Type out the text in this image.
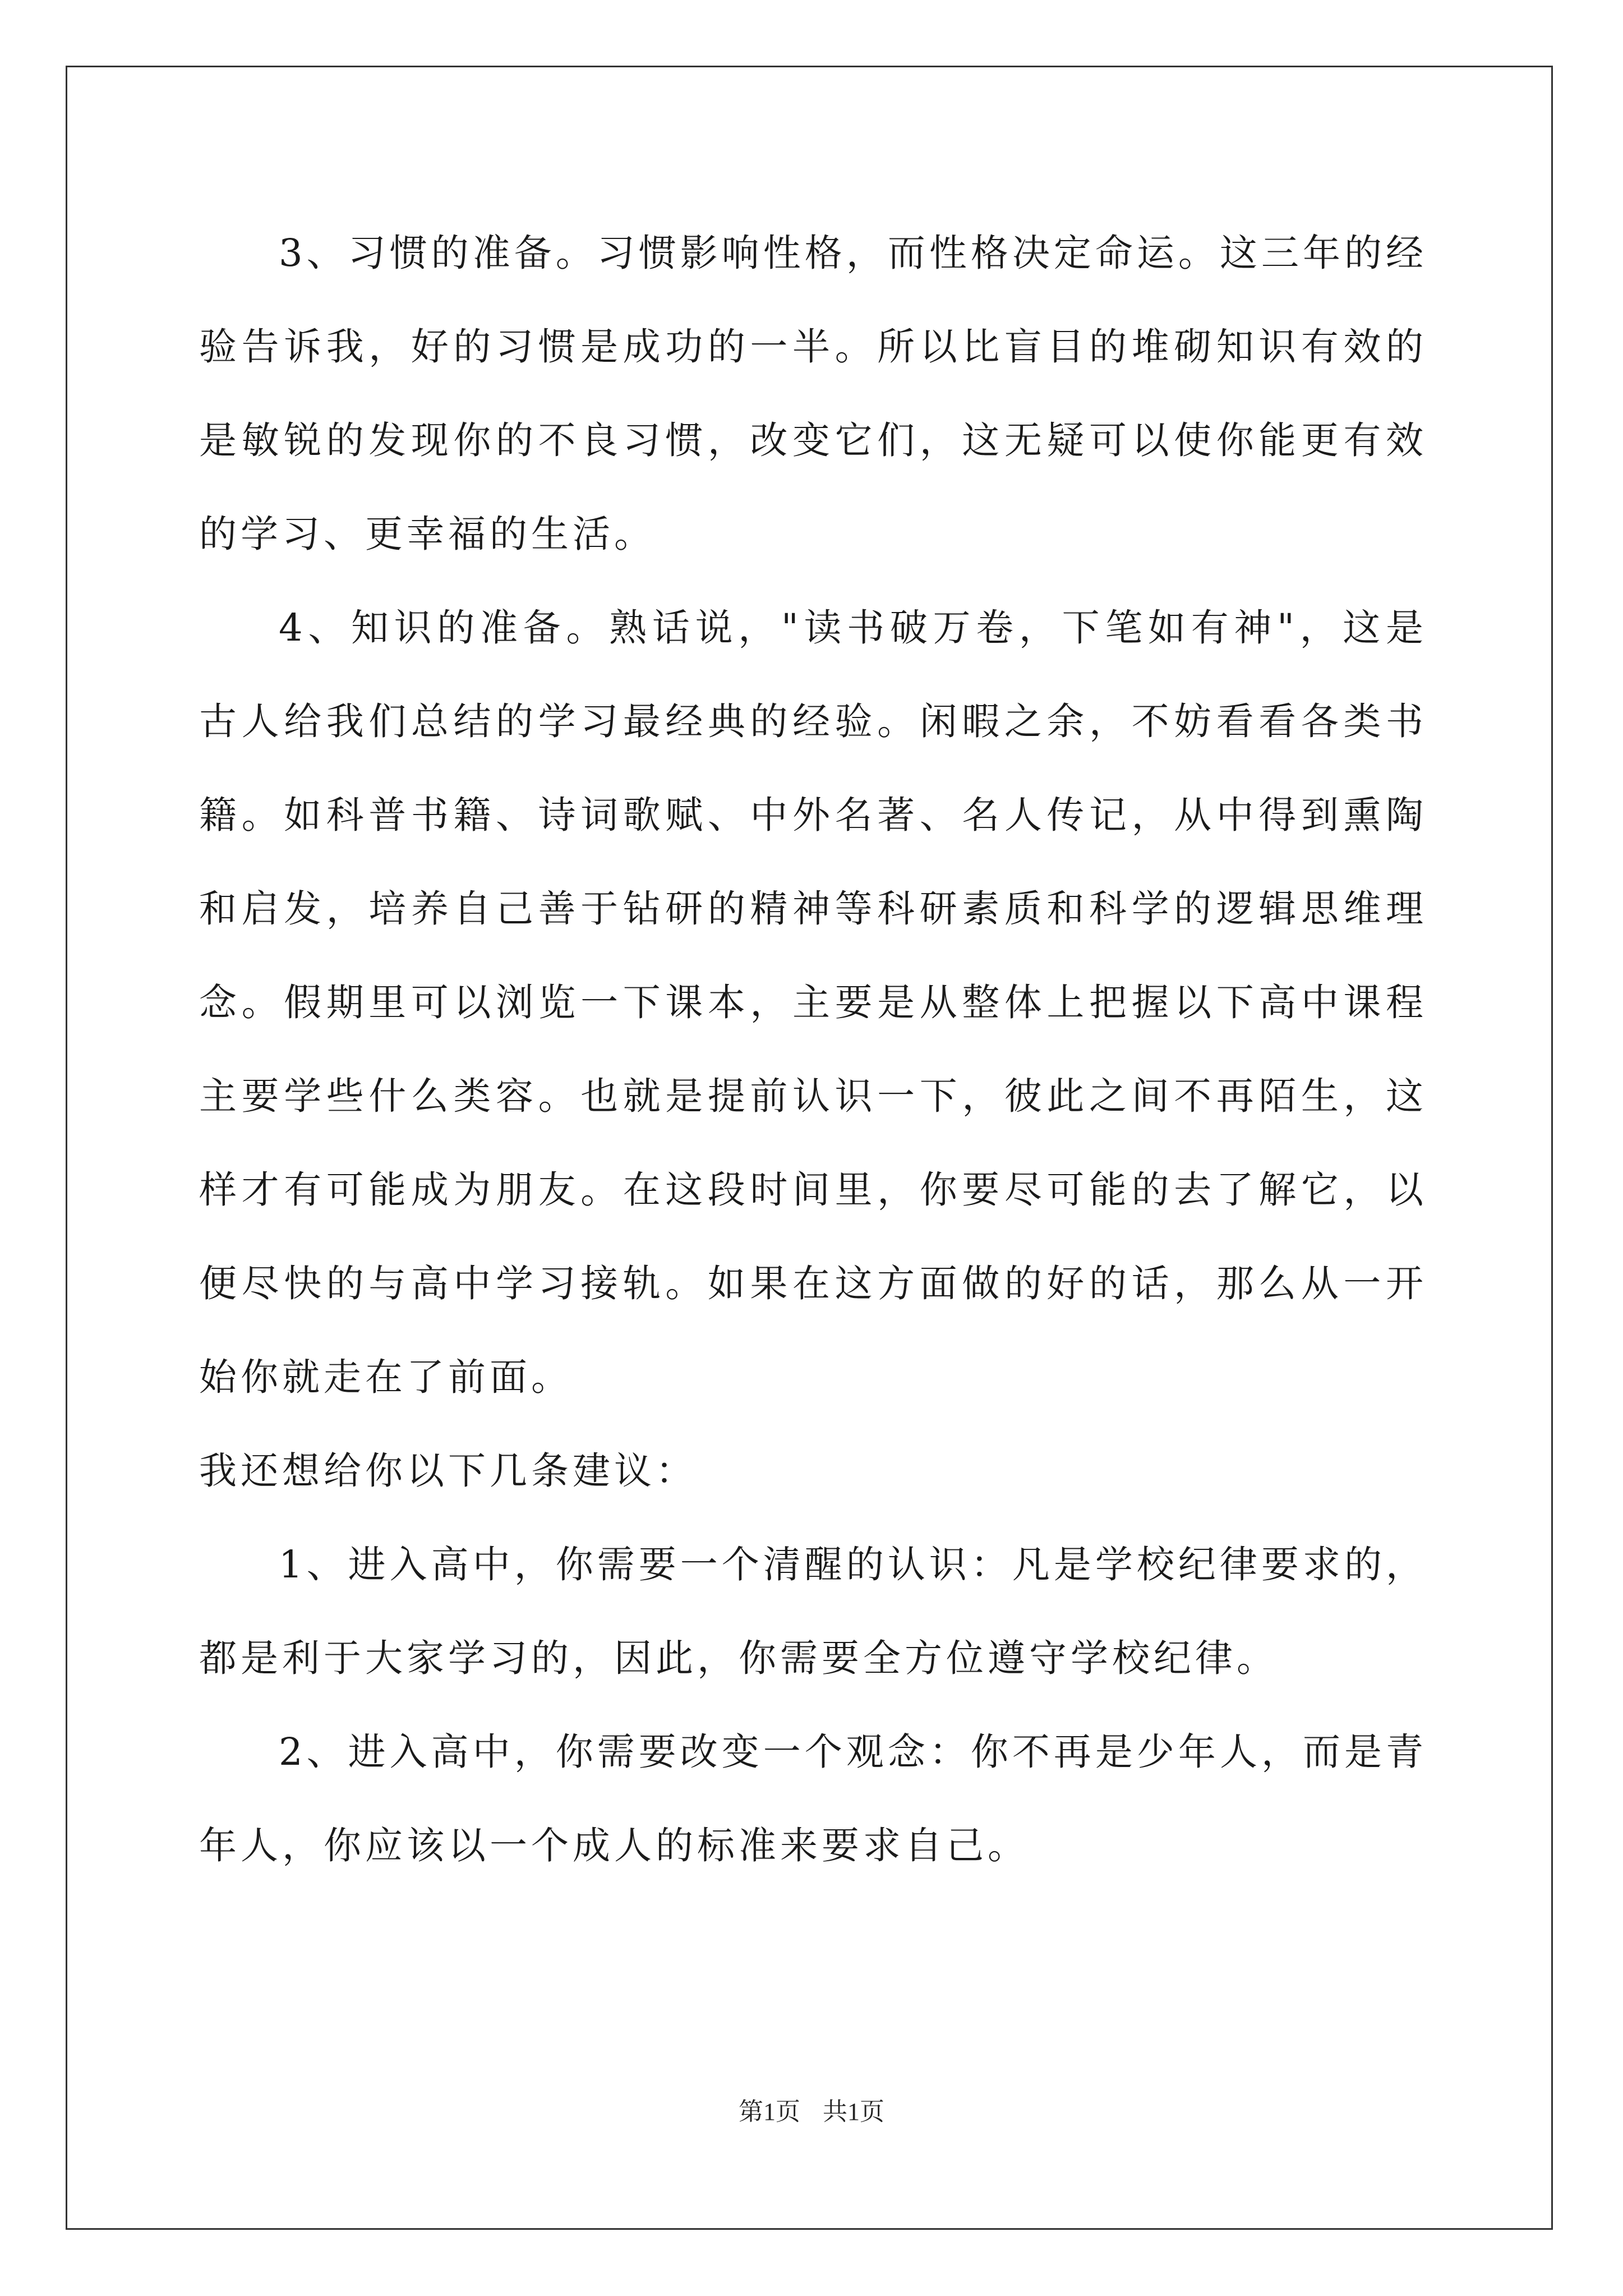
3、习惯的准备。习惯影响性格，而性格决定命运。这三年的经验告诉我，好的习惯是成功的一半。所以比盲目的堆砌知识有效的是敏锐的发现你的不良习惯，改变它们，这无疑可以使你能更有效的学习、更幸福的生活。

4、知识的准备。熟话说，"读书破万卷，下笔如有神"，这是古人给我们总结的学习最经典的经验。闲暇之余，不妨看看各类书籍。如科普书籍、诗词歌赋、中外名著、名人传记，从中得到熏陶和启发，培养自己善于钻研的精神等科研素质和科学的逻辑思维理念。假期里可以浏览一下课本，主要是从整体上把握以下高中课程主要学些什么类容。也就是提前认识一下，彼此之间不再陌生，这样才有可能成为朋友。在这段时间里，你要尽可能的去了解它，以便尽快的与高中学习接轨。如果在这方面做的好的话，那么从一开始你就走在了前面。

我还想给你以下几条建议：

1、进入高中，你需要一个清醒的认识：凡是学校纪律要求的，都是利于大家学习的，因此，你需要全方位遵守学校纪律。

2、进入高中，你需要改变一个观念：你不再是少年人，而是青年人，你应该以一个成人的标准来要求自己。

第1页 共1页
